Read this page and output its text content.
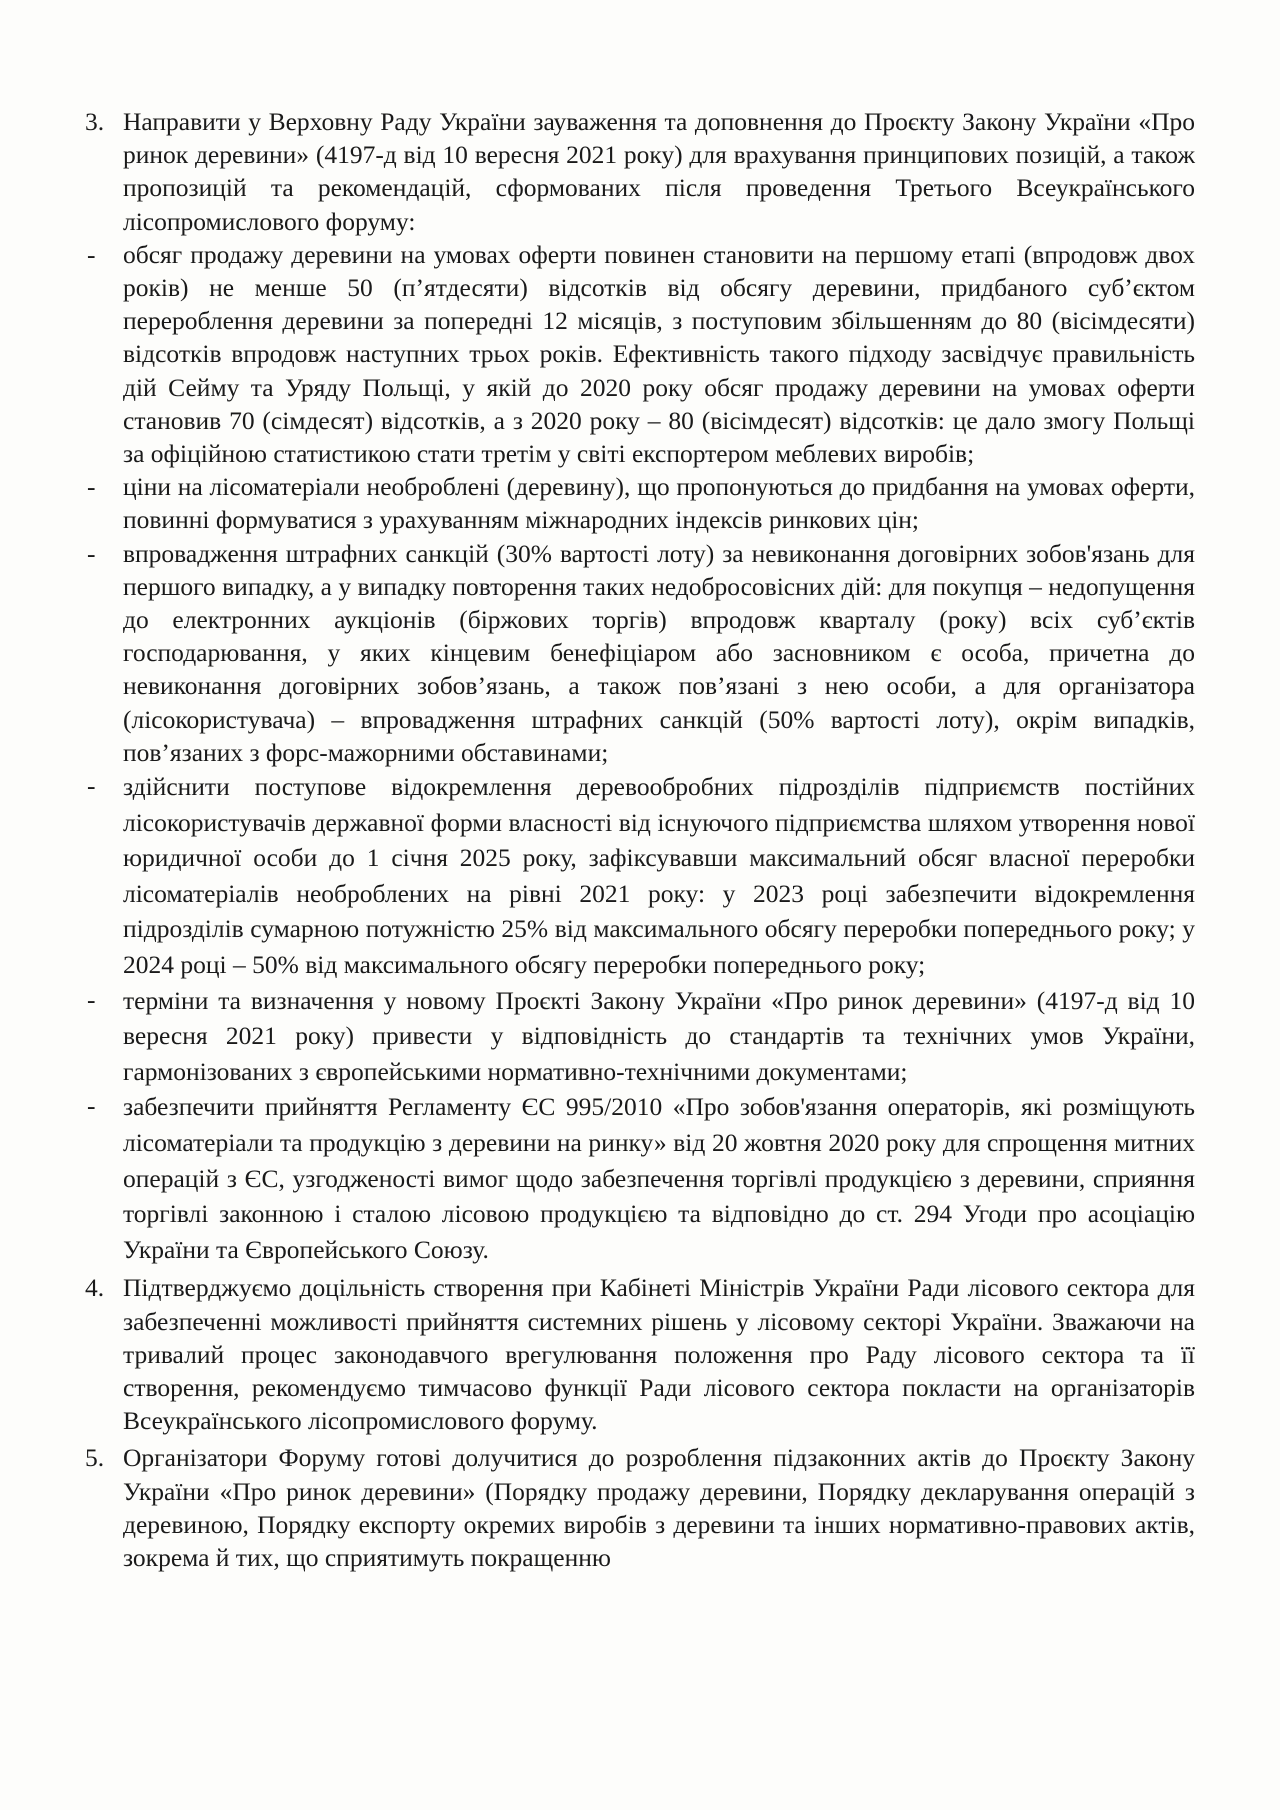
3. Направити у Верховну Раду України зауваження та доповнення до Проєкту Закону України «Про ринок деревини» (4197-д від 10 вересня 2021 року) для врахування принципових позицій, а також пропозицій та рекомендацій, сформованих після проведення Третього Всеукраїнського лісопромислового форуму:
-	обсяг продажу деревини на умовах оферти повинен становити на першому етапі (впродовж двох років) не менше 50 (п’ятдесяти) відсотків від обсягу деревини, придбаного суб’єктом перероблення деревини за попередні 12 місяців, з поступовим збільшенням до 80 (вісімдесяти) відсотків впродовж наступних трьох років. Ефективність такого підходу засвідчує правильність дій Сейму та Уряду Польщі, у якій до 2020 року обсяг продажу деревини на умовах оферти становив 70 (сімдесят) відсотків, а з 2020 року – 80 (вісімдесят) відсотків: це дало змогу Польщі за офіційною статистикою стати третім у світі експортером меблевих виробів;
-	ціни на лісоматеріали необроблені (деревину), що пропонуються до придбання на умовах оферти, повинні формуватися з урахуванням міжнародних індексів ринкових цін;
-	впровадження штрафних санкцій (30% вартості лоту) за невиконання договірних зобов'язань для першого випадку, а у випадку повторення таких недобросовісних дій: для покупця – недопущення до електронних аукціонів (біржових торгів) впродовж кварталу (року) всіх суб’єктів господарювання, у яких кінцевим бенефіціаром або засновником є особа, причетна до невиконання договірних зобов’язань, а також пов’язані з нею особи, а для організатора (лісокористувача) – впровадження штрафних санкцій (50% вартості лоту), окрім випадків, пов’язаних з форс-мажорними обставинами;
-	здійснити поступове відокремлення деревообробних підрозділів підприємств постійних лісокористувачів державної форми власності від існуючого підприємства шляхом утворення нової юридичної особи до 1 січня 2025 року, зафіксувавши максимальний обсяг власної переробки лісоматеріалів необроблених на рівні 2021 року: у 2023 році забезпечити відокремлення підрозділів сумарною потужністю 25% від максимального обсягу переробки попереднього року; у 2024 році – 50% від максимального обсягу переробки попереднього року;
-	терміни та визначення у новому Проєкті Закону України «Про ринок деревини» (4197-д від 10 вересня 2021 року) привести у відповідність до стандартів та технічних умов України, гармонізованих з європейськими нормативно-технічними документами;
-	забезпечити прийняття Регламенту ЄС 995/2010 «Про зобов'язання операторів, які розміщують лісоматеріали та продукцію з деревини на ринку» від 20 жовтня 2020 року для спрощення митних операцій з ЄС, узгодженості вимог щодо забезпечення торгівлі продукцією з деревини, сприяння торгівлі законною і сталою лісовою продукцією та відповідно до ст. 294 Угоди про асоціацію України та Європейського Союзу.
4. Підтверджуємо доцільність створення при Кабінеті Міністрів України Ради лісового сектора для забезпеченні можливості прийняття системних рішень у лісовому секторі України. Зважаючи на тривалий процес законодавчого врегулювання положення про Раду лісового сектора та її створення, рекомендуємо тимчасово функції Ради лісового сектора покласти на організаторів Всеукраїнського лісопромислового форуму.
5. Організатори Форуму готові долучитися до розроблення підзаконних актів до Проєкту Закону України «Про ринок деревини» (Порядку продажу деревини, Порядку декларування операцій з деревиною, Порядку експорту окремих виробів з деревини та інших нормативно-правових актів, зокрема й тих, що сприятимуть покращенню
